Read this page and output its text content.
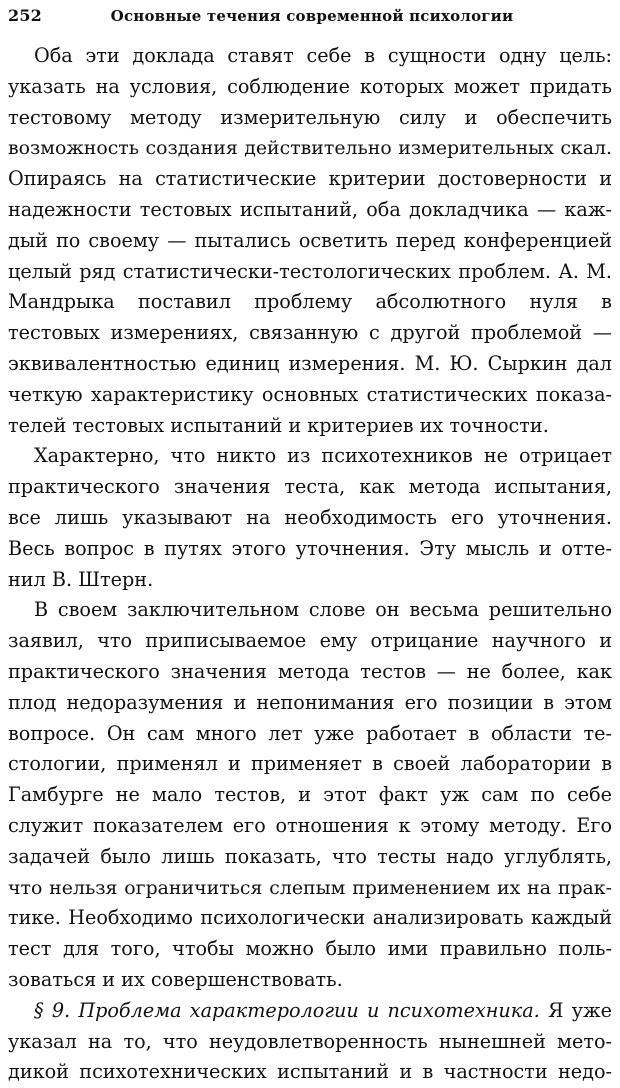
252	Основные течения современной психологии
Оба эти доклада ставят себе в сущности одну цель:
указать на условия, соблюдение которых может придать
тестовому методу измерительную силу и обеспечить
возможность создания действительно измерительных скал.
Опираясь на статистические критерии достоверности и
надежности тестовых испытаний, оба докладчика — каж-
дый по своему — пытались осветить перед конференцией
целый ряд статистически-тестологических проблем. А. М.
Мандрыка поставил проблему абсолютного нуля в
тестовых измерениях, связанную с другой проблемой —
эквивалентностью единиц измерения. М. Ю. Сыркин дал
четкую характеристику основных статистических показа-
телей тестовых испытаний и критериев их точности.
Характерно, что никто из психотехников не отрицает
практического значения теста, как метода испытания,
все лишь указывают на необходимость его уточнения.
Весь вопрос в путях этого уточнения. Эту мысль и отте-
нил В. Штерн.
В своем заключительном слове он весьма решительно
заявил, что приписываемое ему отрицание научного и
практического значения метода тестов — не более, как
плод недоразумения и непонимания его позиции в этом
вопросе. Он сам много лет уже работает в области те-
стологии, применял и применяет в своей лаборатории в
Гамбурге не мало тестов, и этот факт уж сам по себе
служит показателем его отношения к этому методу. Его
задачей было лишь показать, что тесты надо углублять,
что нельзя ограничиться слепым применением их на прак-
тике. Необходимо психологически анализировать каждый
тест для того, чтобы можно было ими правильно поль-
зоваться и их совершенствовать.
§ 9. Проблема характерологии и психотехника. Я уже
указал на то, что неудовлетворенность нынешней мето-
дикой психотехнических испытаний и в частности недо-
